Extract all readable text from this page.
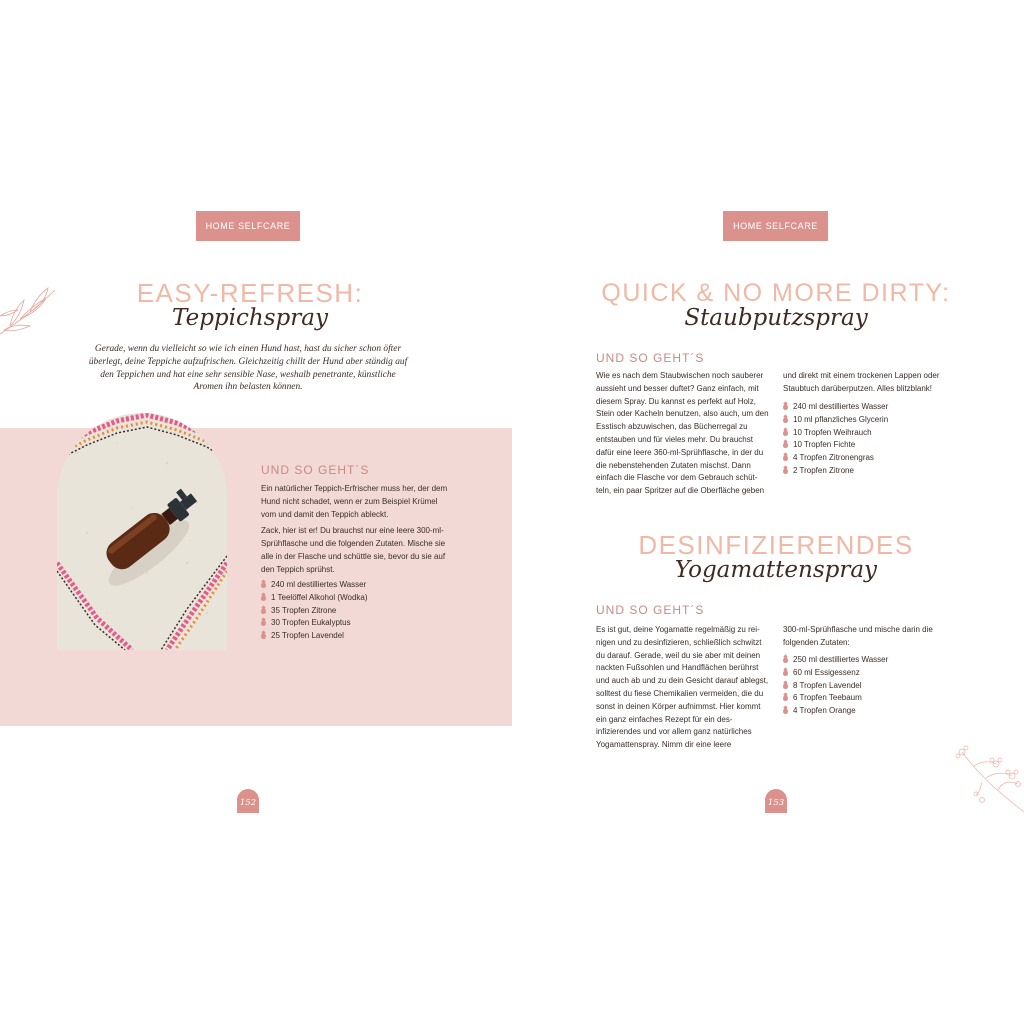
HOME SELFCARE
EASY-REFRESH:
Teppichspray
Gerade, wenn du vielleicht so wie ich einen Hund hast, hast du sicher schon öfter überlegt, deine Teppiche aufzufrischen. Gleichzeitig chillt der Hund aber ständig auf den Teppichen und hat eine sehr sensible Nase, weshalb penetrante, künstliche Aromen ihn belasten können.
UND SO GEHT´S

Ein natürlicher Teppich-Erfrischer muss her, der dem Hund nicht schadet, wenn er zum Beispiel Krümel vom und damit den Teppich ableckt.

Zack, hier ist er! Du brauchst nur eine leere 300-ml-Sprühflasche und die folgenden Zutaten. Mische sie alle in der Flasche und schüttle sie, bevor du sie auf den Teppich sprühst.

240 ml destilliertes Wasser
1 Teelöffel Alkohol (Wodka)
35 Tropfen Zitrone
30 Tropfen Eukalyptus
25 Tropfen Lavendel
152
HOME SELFCARE
QUICK & NO MORE DIRTY:
Staubputzspray
UND SO GEHT´S
Wie es nach dem Staubwischen noch sauberer aussieht und besser duftet? Ganz einfach, mit diesem Spray. Du kannst es perfekt auf Holz, Stein oder Kacheln benutzen, also auch, um den Esstisch abzuwischen, das Bücherregal zu entstauben und für vieles mehr. Du brauchst dafür eine leere 360-ml-Sprühflasche, in der du die nebenstehenden Zutaten mischst. Dann einfach die Flasche vor dem Gebrauch schüt-teln, ein paar Spritzer auf die Oberfläche geben
und direkt mit einem trockenen Lappen oder Staubtuch darüberputzen. Alles blitzblank!
240 ml destilliertes Wasser
10 ml pflanzliches Glycerin
10 Tropfen Weihrauch
10 Tropfen Fichte
4 Tropfen Zitronengras
2 Tropfen Zitrone
DESINFIZIERENDES
Yogamattenspray
UND SO GEHT´S
Es ist gut, deine Yogamatte regelmäßig zu rei-nigen und zu desinfizieren, schließlich schwitzt du darauf. Gerade, weil du sie aber mit deinen nackten Fußsohlen und Handflächen berührst und auch ab und zu dein Gesicht darauf ablegst, solltest du fiese Chemikalien vermeiden, die du sonst in deinen Körper aufnimmst. Hier kommt ein ganz einfaches Rezept für ein des-infizierendes und vor allem ganz natürliches Yogamattenspray. Nimm dir eine leere
300-ml-Sprühflasche und mische darin die folgenden Zutaten:
250 ml destilliertes Wasser
60 ml Essigessenz
8 Tropfen Lavendel
6 Tropfen Teebaum
4 Tropfen Orange
153
